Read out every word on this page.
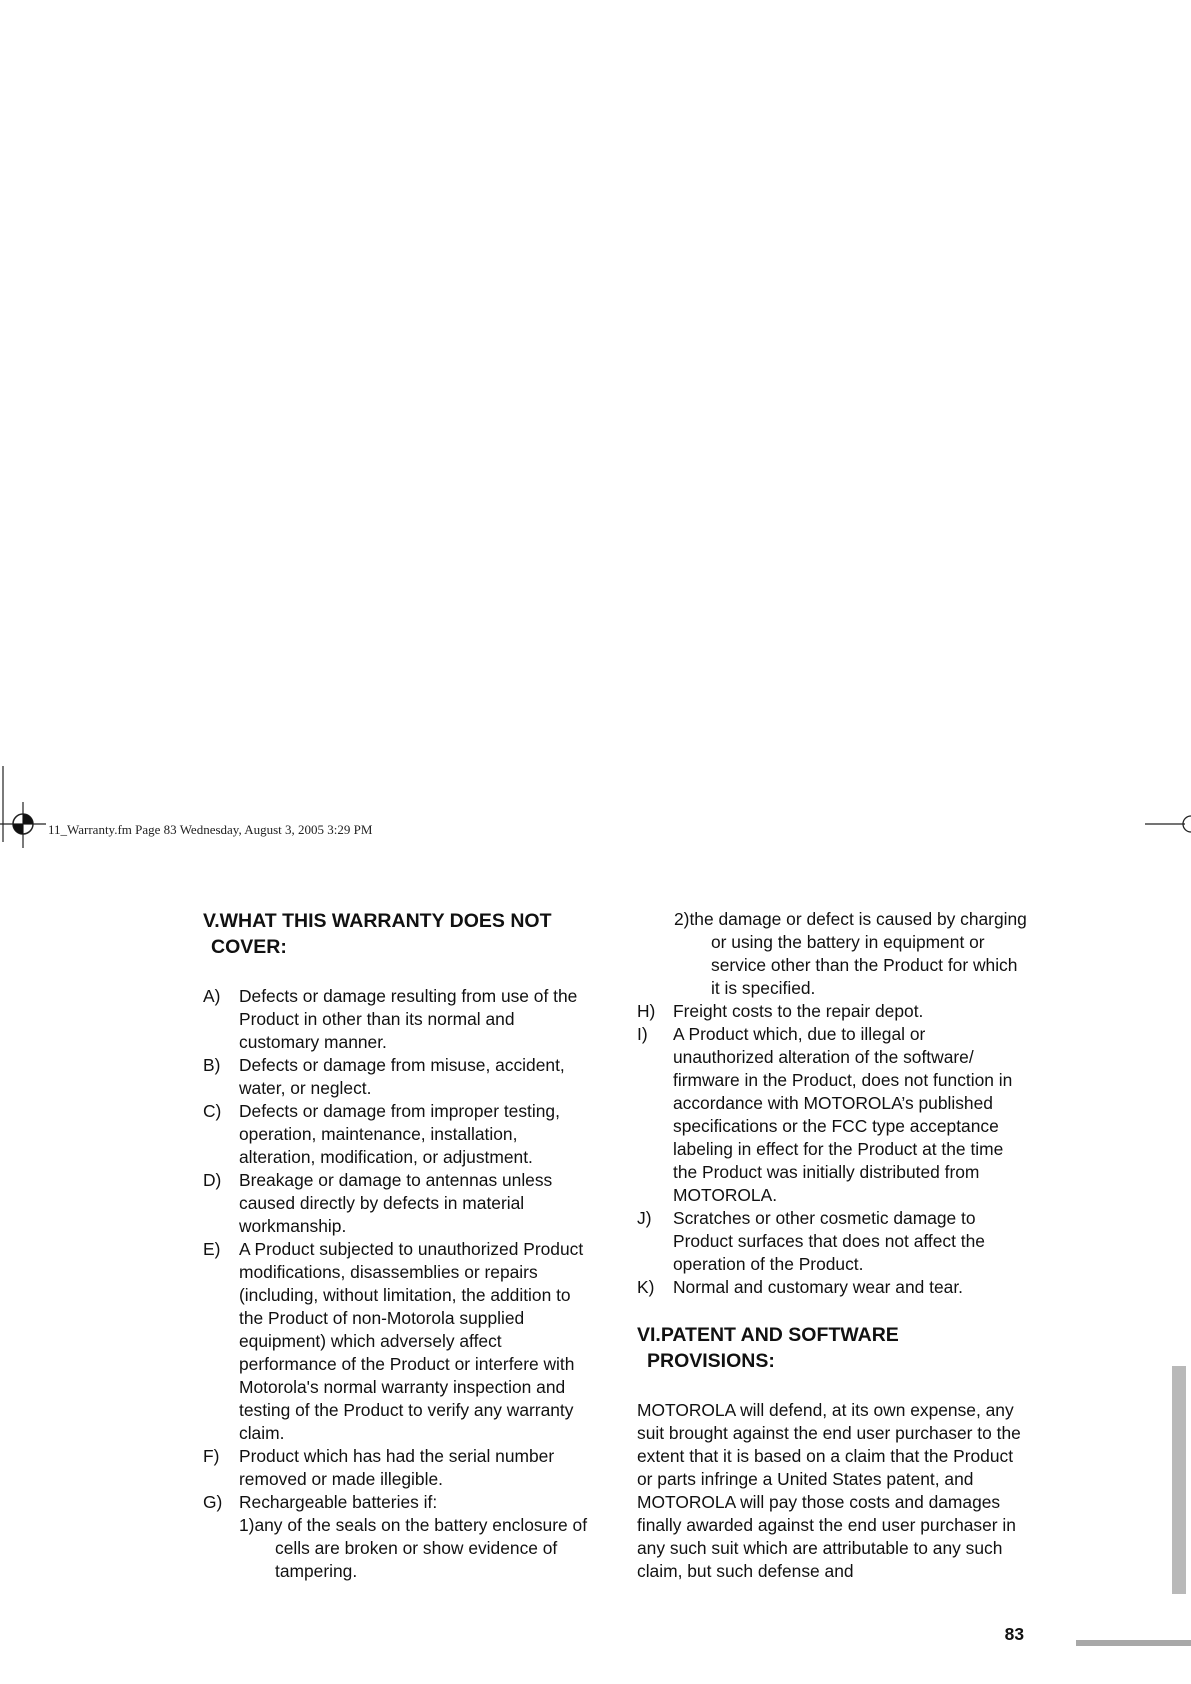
11_Warranty.fm Page 83 Wednesday, August 3, 2005 3:29 PM
V.WHAT THIS WARRANTY DOES NOT
COVER:
A) Defects or damage resulting from use of the Product in other than its normal and customary manner.
B) Defects or damage from misuse, accident, water, or neglect.
C) Defects or damage from improper testing, operation, maintenance, installation, alteration, modification, or adjustment.
D) Breakage or damage to antennas unless caused directly by defects in material workmanship.
E) A Product subjected to unauthorized Product modifications, disassemblies or repairs (including, without limitation, the addition to the Product of non-Motorola supplied equipment) which adversely affect performance of the Product or interfere with Motorola's normal warranty inspection and testing of the Product to verify any warranty claim.
F) Product which has had the serial number removed or made illegible.
G) Rechargeable batteries if:
1)any of the seals on the battery enclosure of cells are broken or show evidence of tampering.
2)the damage or defect is caused by charging or using the battery in equipment or service other than the Product for which it is specified.
H) Freight costs to the repair depot.
I) A Product which, due to illegal or unauthorized alteration of the software/ firmware in the Product, does not function in accordance with MOTOROLA’s published specifications or the FCC type acceptance labeling in effect for the Product at the time the Product was initially distributed from MOTOROLA.
J) Scratches or other cosmetic damage to Product surfaces that does not affect the operation of the Product.
K) Normal and customary wear and tear.
VI.PATENT AND SOFTWARE
PROVISIONS:

MOTOROLA will defend, at its own expense, any suit brought against the end user purchaser to the extent that it is based on a claim that the Product or parts infringe a United States patent, and MOTOROLA will pay those costs and damages finally awarded against the end user purchaser in any such suit which are attributable to any such claim, but such defense and

83
